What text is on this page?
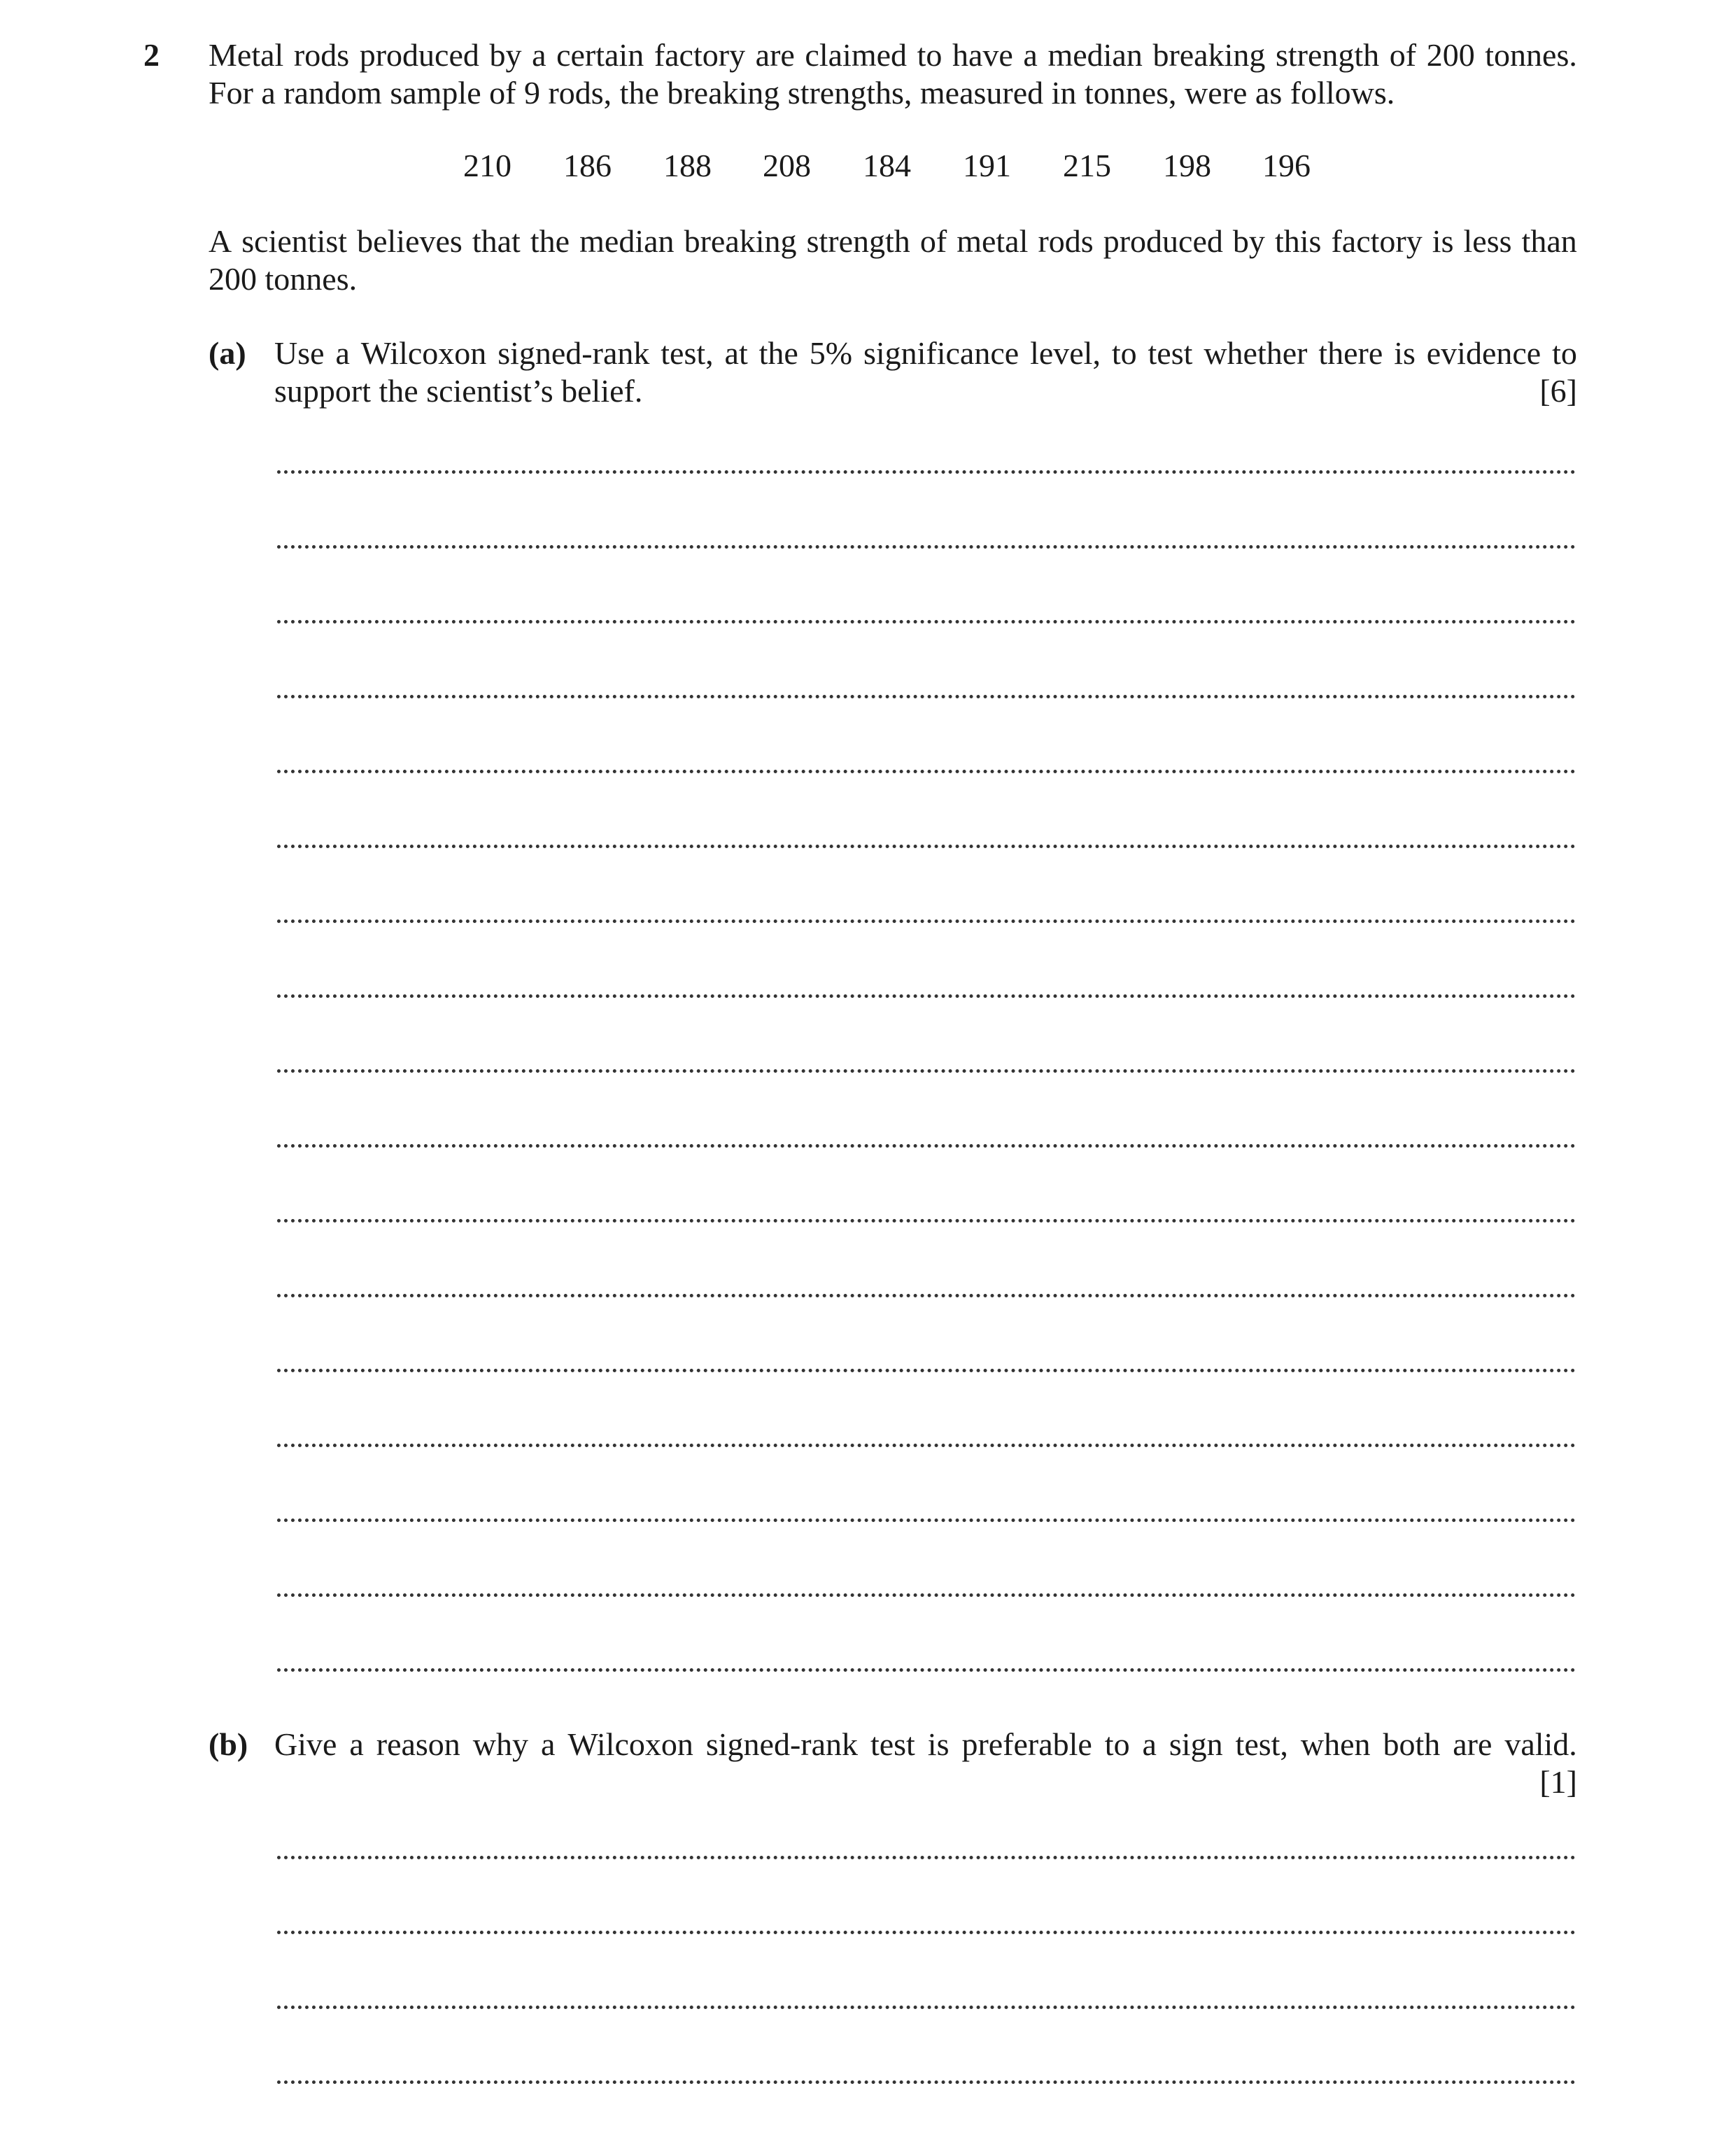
2 Metal rods produced by a certain factory are claimed to have a median breaking strength of 200 tonnes.
For a random sample of 9 rods, the breaking strengths, measured in tonnes, were as follows.
210 186 188 208 184 191 215 198 196
A scientist believes that the median breaking strength of metal rods produced by this factory is less than
200 tonnes.
(a) Use a Wilcoxon signed-rank test, at the 5% significance level, to test whether there is evidence to
support the scientist’s belief.	[6]
(b) Give a reason why a Wilcoxon signed-rank test is preferable to a sign test, when both are valid.
[1]
